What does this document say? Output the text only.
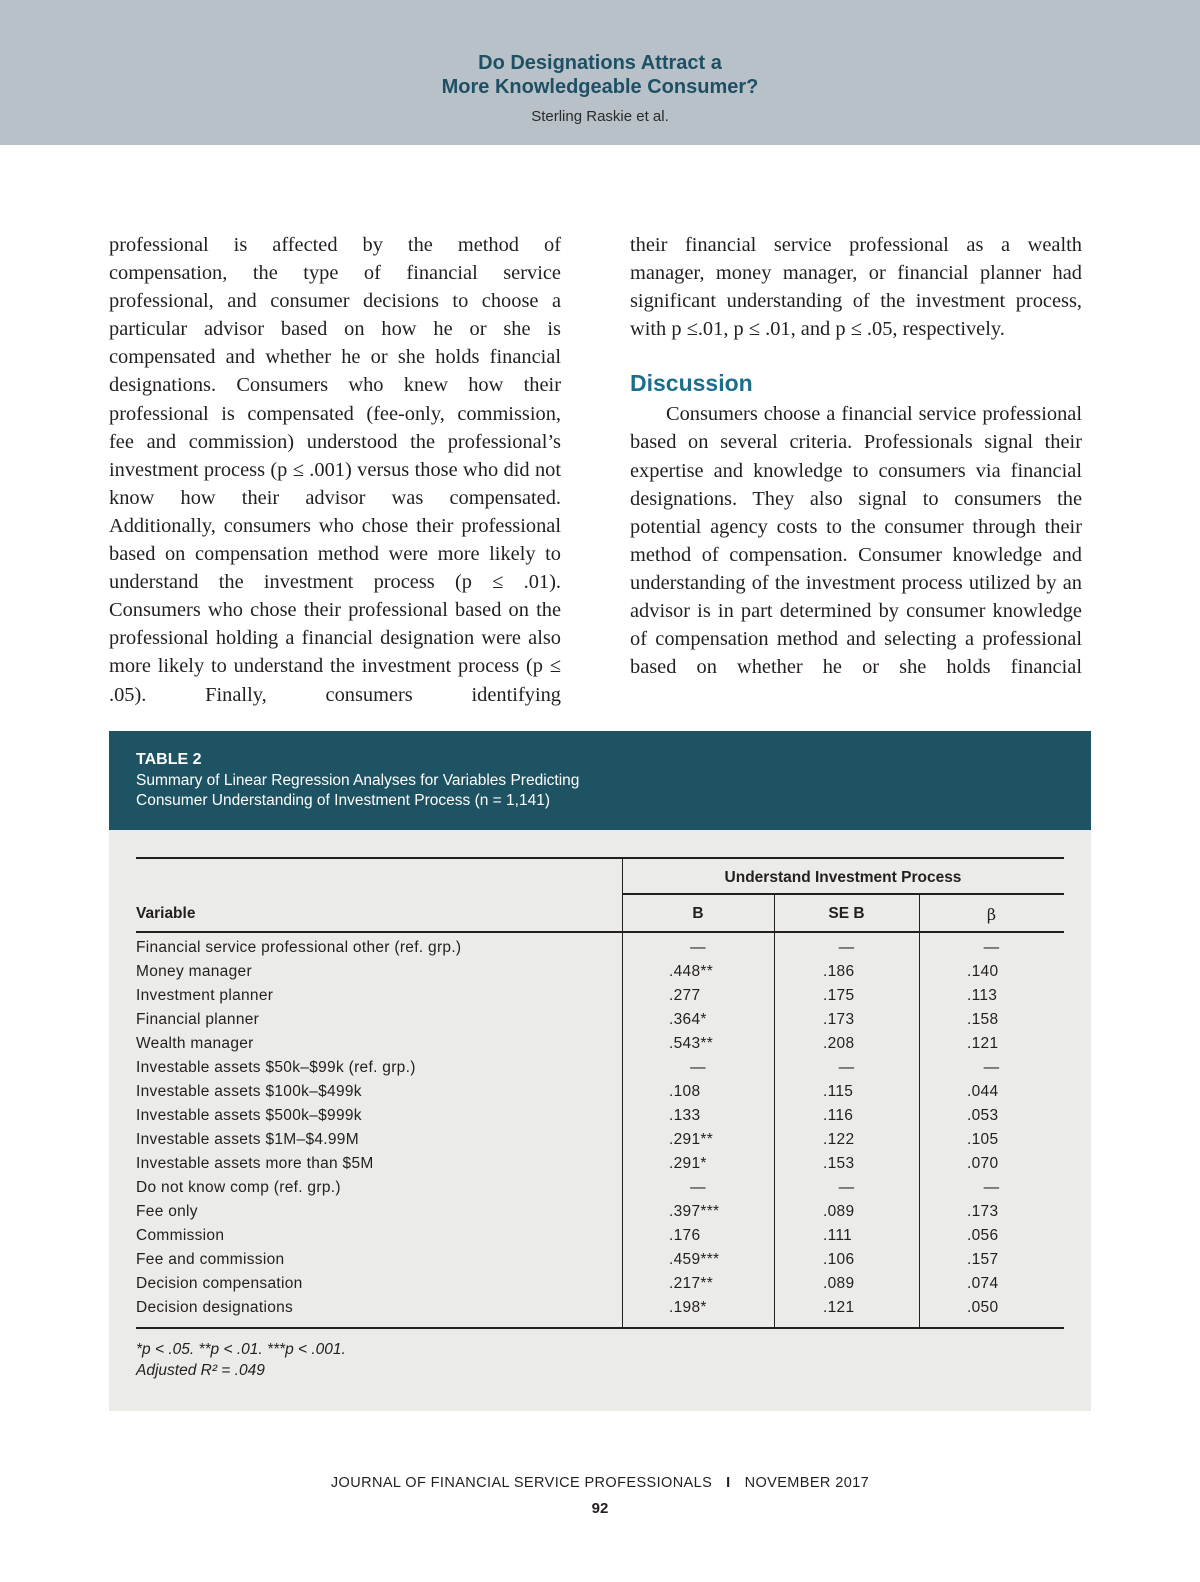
Do Designations Attract a
More Knowledgeable Consumer?
Sterling Raskie et al.

professional is affected by the method of compensation, the type of financial service professional, and consumer decisions to choose a particular advisor based on how he or she is compensated and whether he or she holds financial designations. Consumers who knew how their professional is compensated (fee-only, commission, fee and commission) understood the professional’s investment process (p ≤ .001) versus those who did not know how their advisor was compensated. Additionally, consumers who chose their professional based on compensation method were more likely to understand the investment process (p ≤ .01). Consumers who chose their professional based on the professional holding a financial designation were also more likely to understand the investment process (p ≤ .05). Finally, consumers identifying

their financial service professional as a wealth manager, money manager, or financial planner had significant understanding of the investment process, with p ≤.01, p ≤ .01, and p ≤ .05, respectively.

Discussion

Consumers choose a financial service professional based on several criteria. Professionals signal their expertise and knowledge to consumers via financial designations. They also signal to consumers the potential agency costs to the consumer through their method of compensation. Consumer knowledge and understanding of the investment process utilized by an advisor is in part determined by consumer knowledge of compensation method and selecting a professional based on whether he or she holds financial

TABLE 2
Summary of Linear Regression Analyses for Variables Predicting
Consumer Understanding of Investment Process (n = 1,141)
Understand Investment Process
Variable	B	SE B	β
Financial service professional other (ref. grp.)	—	—	—
Money manager	.448**	.186	.140
Investment planner	.277	.175	.113
Financial planner	.364*	.173	.158
Wealth manager	.543**	.208	.121
Investable assets $50k–$99k (ref. grp.)	—	—	—
Investable assets $100k–$499k	.108	.115	.044
Investable assets $500k–$999k	.133	.116	.053
Investable assets $1M–$4.99M	.291**	.122	.105
Investable assets more than $5M	.291*	.153	.070
Do not know comp (ref. grp.)	—	—	—
Fee only	.397***	.089	.173
Commission	.176	.111	.056
Fee and commission	.459***	.106	.157
Decision compensation	.217**	.089	.074
Decision designations	.198*	.121	.050
*p < .05. **p < .01. ***p < .001.
Adjusted R² = .049
JOURNAL OF FINANCIAL SERVICE PROFESSIONALS I NOVEMBER 2017
92
